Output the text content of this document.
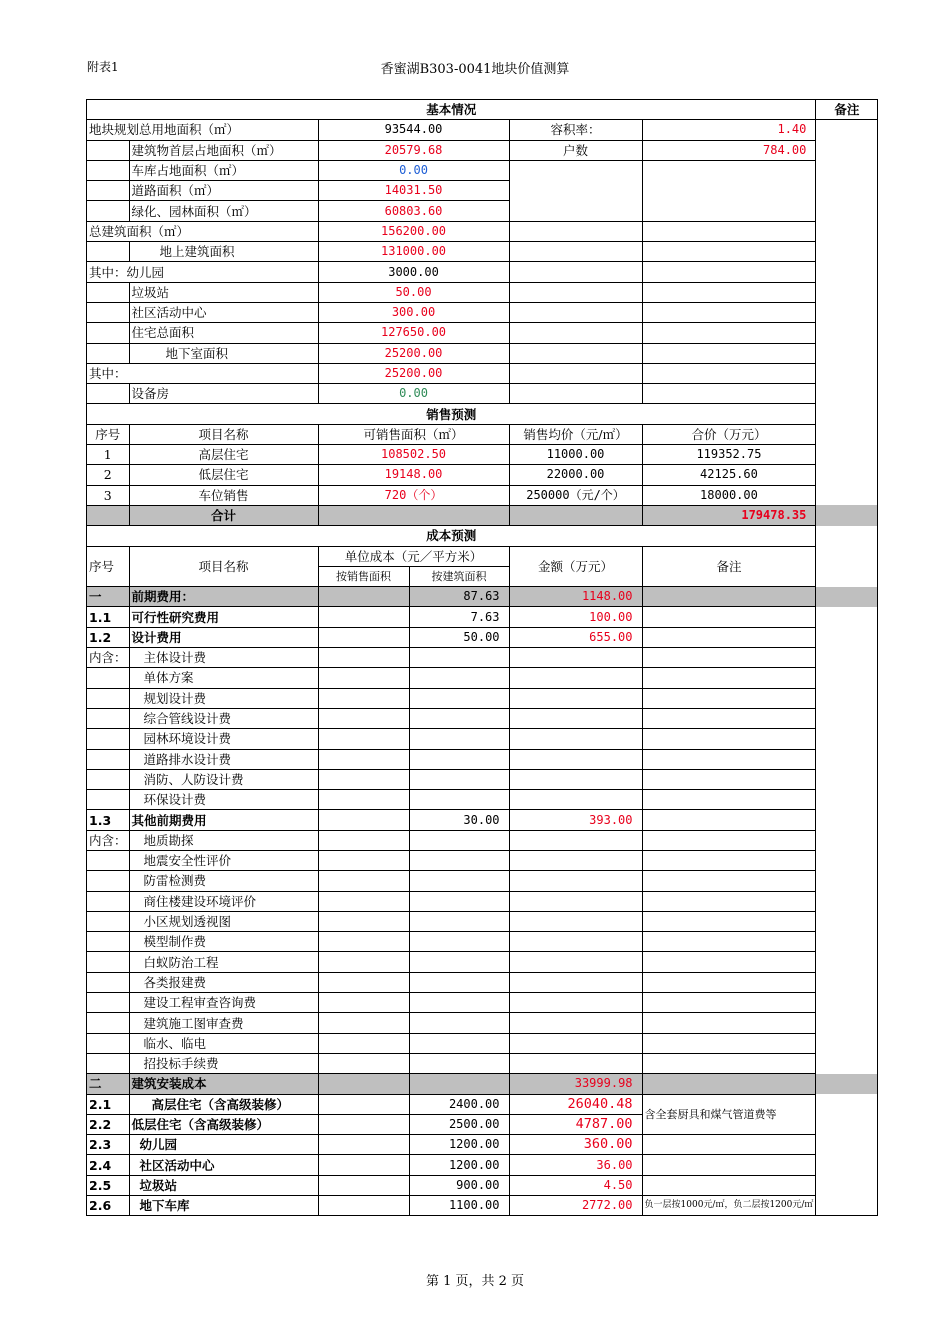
附表1	香蜜湖B303-0041地块价值测算
基本情况						备注
地块规划总用地面积（㎡）		93544.00		容积率：	1.40	
	建筑物首层占地面积（㎡）	20579.68		户数	784.00	
	车库占地面积（㎡）	0.00				
	道路面积（㎡）	14031.50				
	绿化、园林面积（㎡）	60803.60				
总建筑面积（㎡）		156200.00				
	地上建筑面积	131000.00				
其中：幼儿园		3000.00				
	垃圾站	50.00				
	社区活动中心	300.00				
	住宅总面积	127650.00				
	地下室面积	25200.00				
其中：		25200.00				
	设备房	0.00				
销售预测						
序号	项目名称	可销售面积（㎡）		销售均价（元/㎡）	合价（万元）	
1	高层住宅	108502.50		11000.00	119352.75	
2	低层住宅	19148.00		22000.00	42125.60	
3	车位销售	720（个）		250000（元/个）	18000.00	
	合计				179478.35	
成本预测						
序号	项目名称	单位成本（元／平方米）		金额（万元）	备注	
		按销售面积	按建筑面积			
一	前期费用：		87.63	1148.00		
1.1	可行性研究费用		7.63	100.00		
1.2	设计费用		50.00	655.00		
内含：	主体设计费					
	单体方案					
	规划设计费					
	综合管线设计费					
	园林环境设计费					
	道路排水设计费					
	消防、人防设计费					
	环保设计费					
1.3	其他前期费用		30.00	393.00		
内含：	地质勘探					
	地震安全性评价					
	防雷检测费					
	商住楼建设环境评价					
	小区规划透视图					
	模型制作费					
	白蚁防治工程					
	各类报建费					
	建设工程审查咨询费					
	建筑施工图审查费					
	临水、临电					
	招投标手续费					
二	建筑安装成本			33999.98		
2.1	高层住宅（含高级装修）		2400.00	26040.48	含全套厨具和煤气管道费等	
2.2	低层住宅（含高级装修）		2500.00	4787.00		
2.3	幼儿园		1200.00	360.00		
2.4	社区活动中心		1200.00	36.00		
2.5	垃圾站		900.00	4.50		
2.6	地下车库		1100.00	2772.00	负一层按1000元/㎡，负二层按1200元/㎡	
第 1 页，共 2 页
